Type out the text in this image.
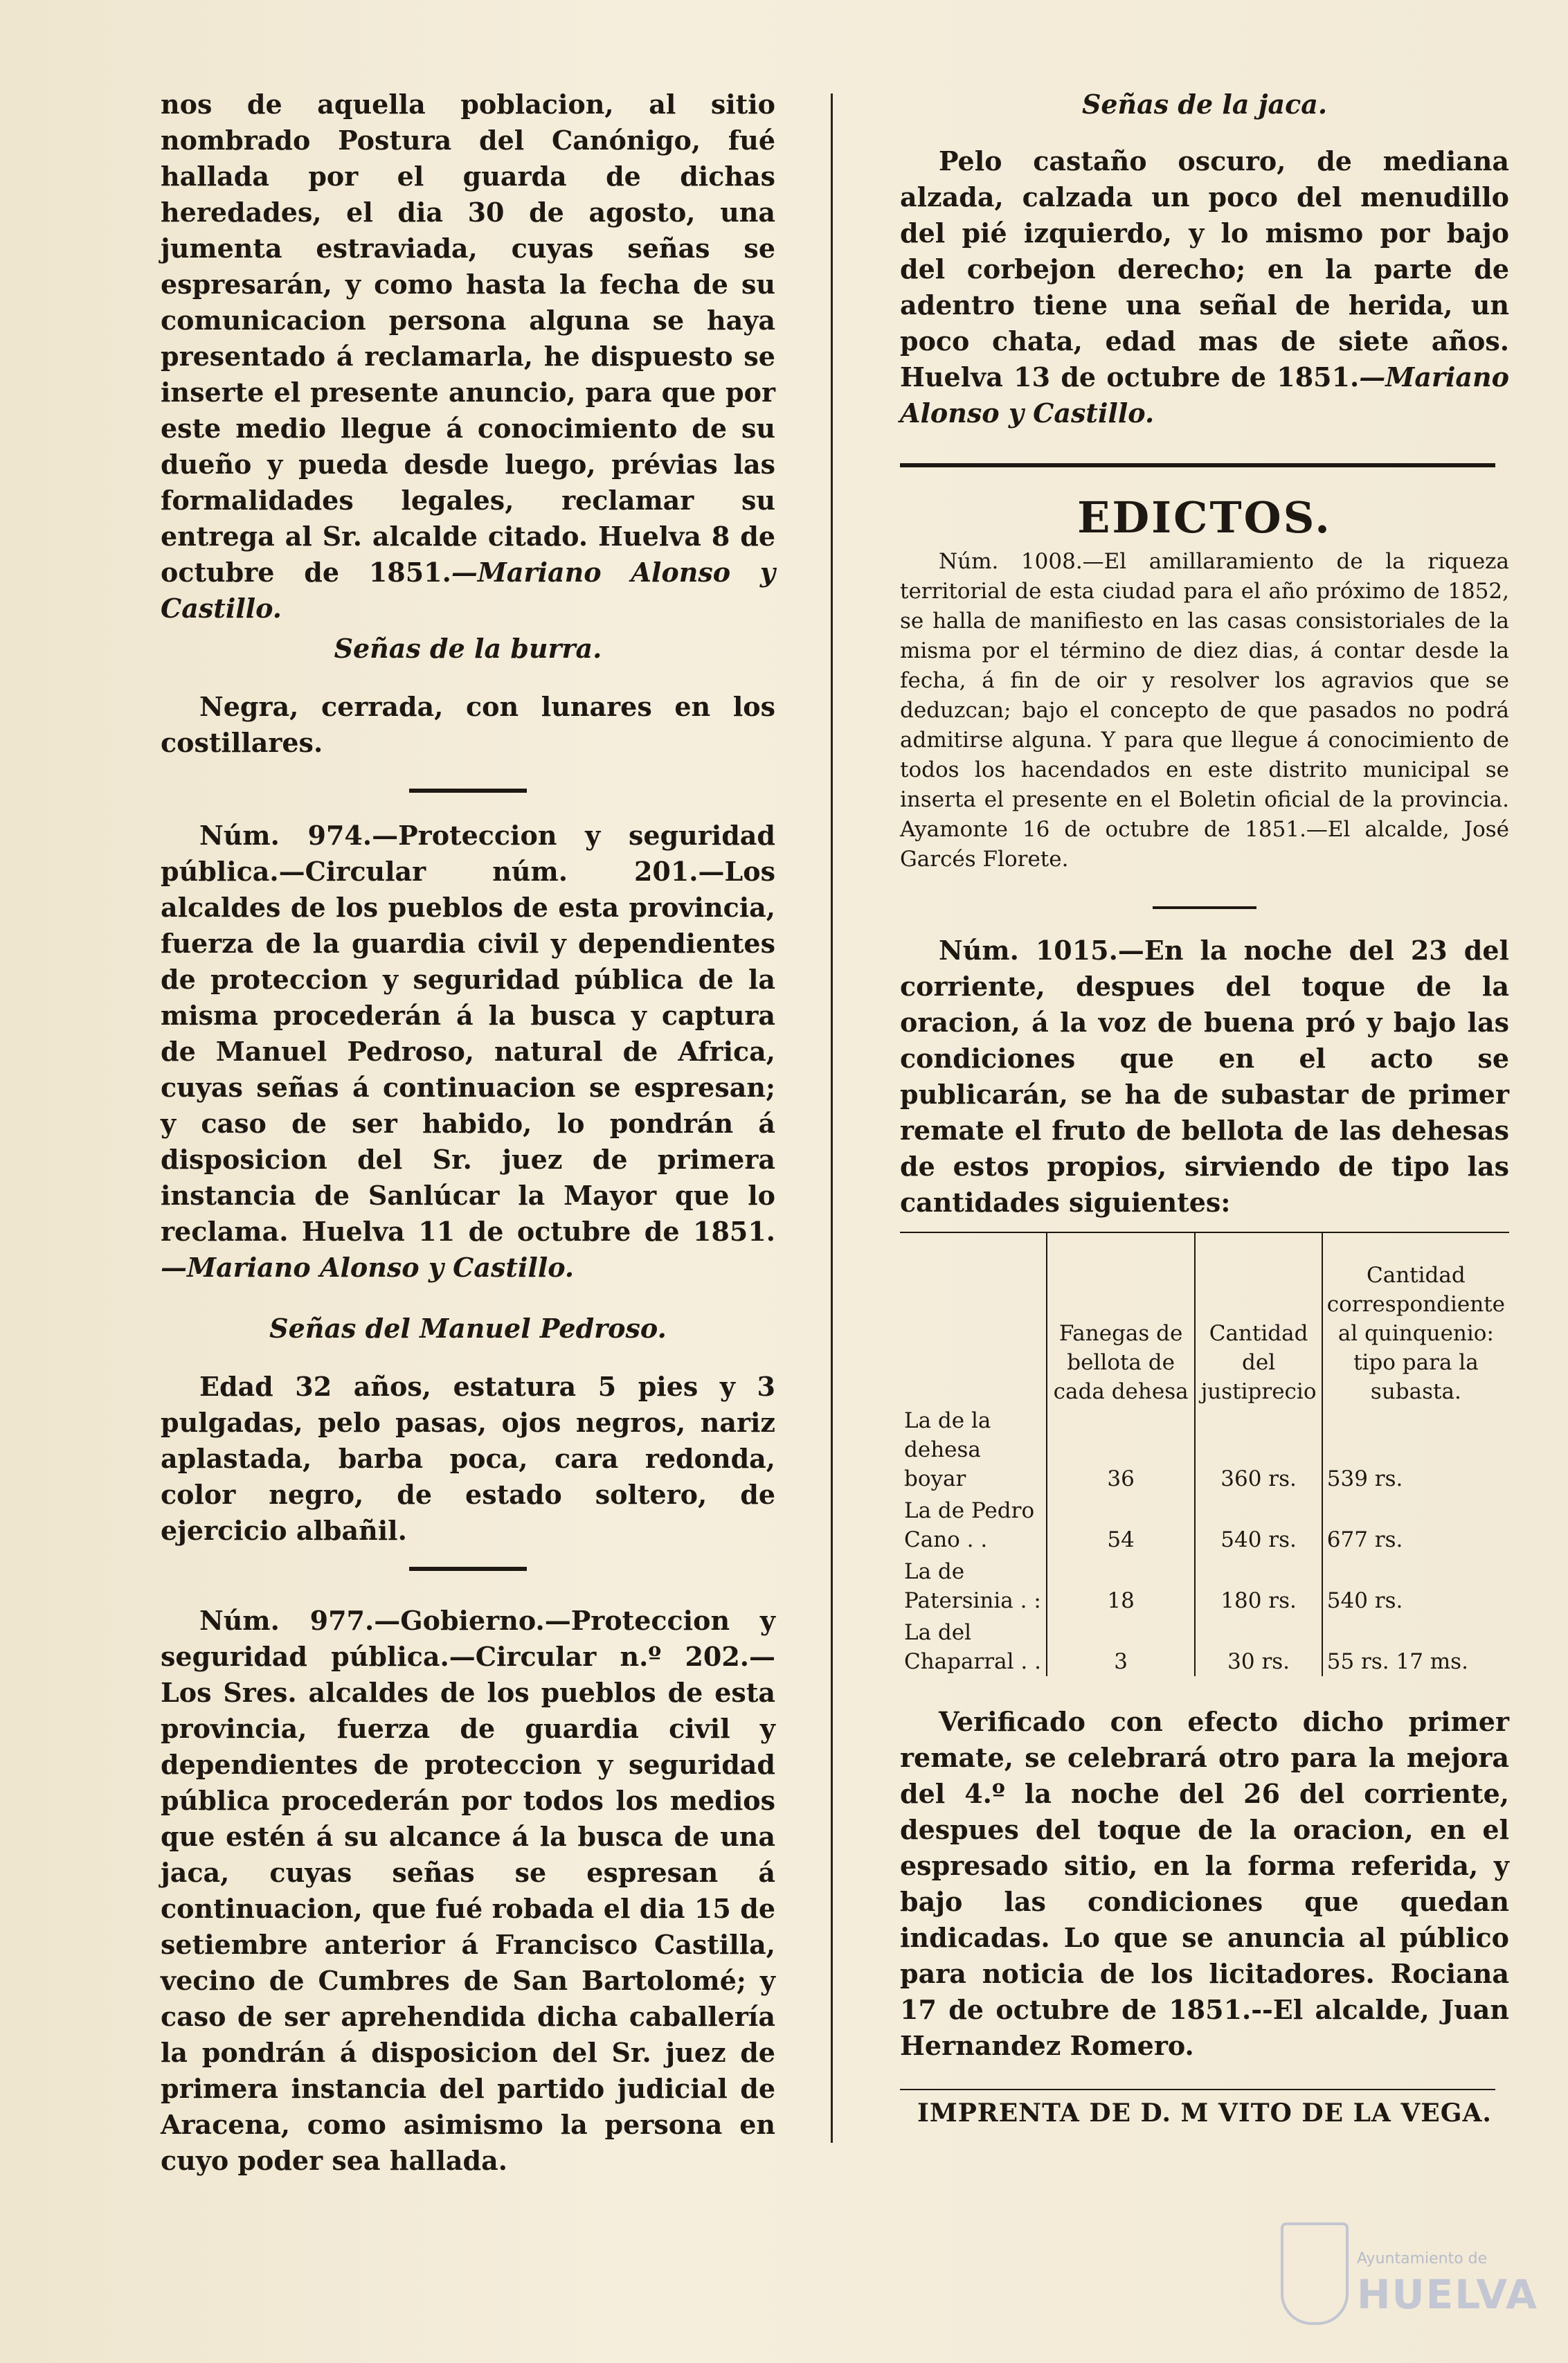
nos de aquella poblacion, al sitio nombrado Postura del Canónigo, fué hallada por el guarda de dichas heredades, el dia 30 de agosto, una jumenta estraviada, cuyas señas se espresarán, y como hasta la fecha de su comunicacion persona alguna se haya presentado á reclamarla, he dispuesto se inserte el presente anuncio, para que por este medio llegue á conocimiento de su dueño y pueda desde luego, prévias las formalidades legales, reclamar su entrega al Sr. alcalde citado. Huelva 8 de octubre de 1851.—Mariano Alonso y Castillo.

Señas de la burra.

Negra, cerrada, con lunares en los costillares.

Núm. 974.—Proteccion y seguridad pública.—Circular núm. 201.—Los alcaldes de los pueblos de esta provincia, fuerza de la guardia civil y dependientes de proteccion y seguridad pública de la misma procederán á la busca y captura de Manuel Pedroso, natural de Africa, cuyas señas á continuacion se espresan; y caso de ser habido, lo pondrán á disposicion del Sr. juez de primera instancia de Sanlúcar la Mayor que lo reclama. Huelva 11 de octubre de 1851.—Mariano Alonso y Castillo.

Señas del Manuel Pedroso.

Edad 32 años, estatura 5 pies y 3 pulgadas, pelo pasas, ojos negros, nariz aplastada, barba poca, cara redonda, color negro, de estado soltero, de ejercicio albañil.

Núm. 977.—Gobierno.—Proteccion y seguridad pública.—Circular n.º 202.—Los Sres. alcaldes de los pueblos de esta provincia, fuerza de guardia civil y dependientes de proteccion y seguridad pública procederán por todos los medios que estén á su alcance á la busca de una jaca, cuyas señas se espresan á continuacion, que fué robada el dia 15 de setiembre anterior á Francisco Castilla, vecino de Cumbres de San Bartolomé; y caso de ser aprehendida dicha caballería la pondrán á disposicion del Sr. juez de primera instancia del partido judicial de Aracena, como asimismo la persona en cuyo poder sea hallada.

Señas de la jaca.

Pelo castaño oscuro, de mediana alzada, calzada un poco del menudillo del pié izquierdo, y lo mismo por bajo del corbejon derecho; en la parte de adentro tiene una señal de herida, un poco chata, edad mas de siete años. Huelva 13 de octubre de 1851.—Mariano Alonso y Castillo.

EDICTOS.

Núm. 1008.—El amillaramiento de la riqueza territorial de esta ciudad para el año próximo de 1852, se halla de manifiesto en las casas consistoriales de la misma por el término de diez dias, á contar desde la fecha, á fin de oir y resolver los agravios que se deduzcan; bajo el concepto de que pasados no podrá admitirse alguna. Y para que llegue á conocimiento de todos los hacendados en este distrito municipal se inserta el presente en el Boletin oficial de la provincia. Ayamonte 16 de octubre de 1851.—El alcalde, José Garcés Florete.

Núm. 1015.—En la noche del 23 del corriente, despues del toque de la oracion, á la voz de buena pró y bajo las condiciones que en el acto se publicarán, se ha de subastar de primer remate el fruto de bellota de las dehesas de estos propios, sirviendo de tipo las cantidades siguientes:

	Fanegas de bellota de cada dehesa	Cantidad del justiprecio	Cantidad correspondiente al quinquenio: tipo para la subasta.
La de la dehesa boyar	36	360 rs.	539 rs.
La de Pedro Cano . .	54	540 rs.	677 rs.
La de Patersinia . :	18	180 rs.	540 rs.
La del Chaparral . .	3	30 rs.	55 rs. 17 ms.

Verificado con efecto dicho primer remate, se celebrará otro para la mejora del 4.º la noche del 26 del corriente, despues del toque de la oracion, en el espresado sitio, en la forma referida, y bajo las condiciones que quedan indicadas. Lo que se anuncia al público para noticia de los licitadores. Rociana 17 de octubre de 1851.--El alcalde, Juan Hernandez Romero.

IMPRENTA DE D. M VITO DE LA VEGA.
Ayuntamiento de
HUELVA
